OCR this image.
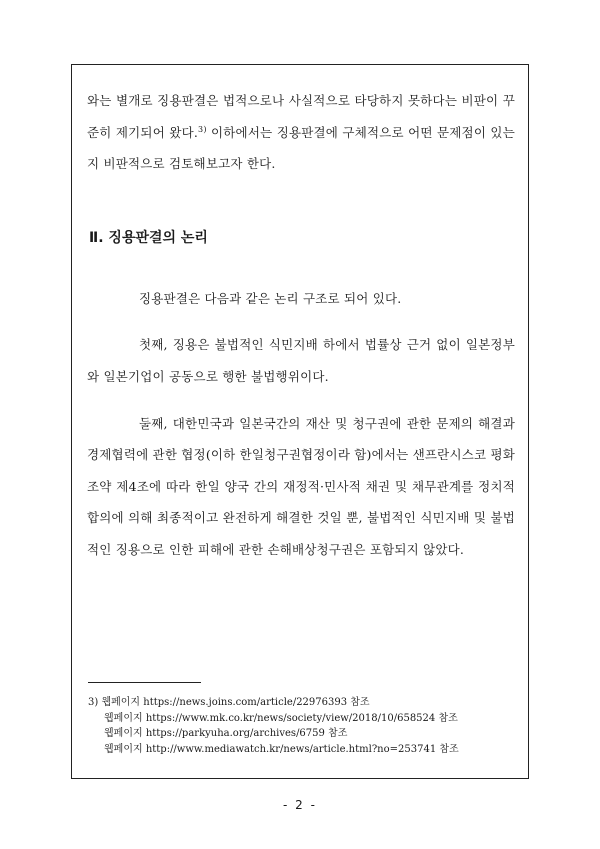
와는 별개로 징용판결은 법적으로나 사실적으로 타당하지 못하다는 비판이 꾸준히 제기되어 왔다.$^{3)}$ 이하에서는 징용판결에 구체적으로 어떤 문제점이 있는지 비판적으로 검토해보고자 한다.

Ⅱ. 징용판결의 논리

징용판결은 다음과 같은 논리 구조로 되어 있다.

첫째, 징용은 불법적인 식민지배 하에서 법률상 근거 없이 일본정부와 일본기업이 공동으로 행한 불법행위이다.

둘째, 대한민국과 일본국간의 재산 및 청구권에 관한 문제의 해결과 경제협력에 관한 협정(이하 한일청구권협정이라 함)에서는 샌프란시스코 평화조약 제4조에 따라 한일 양국 간의 재정적·민사적 채권 및 채무관계를 정치적 합의에 의해 최종적이고 완전하게 해결한 것일 뿐, 불법적인 식민지배 및 불법적인 징용으로 인한 피해에 관한 손해배상청구권은 포함되지 않았다.

3) 웹페이지 https://news.joins.com/article/22976393 참조

웹페이지 https://www.mk.co.kr/news/society/view/2018/10/658524 참조

웹페이지 https://parkyuha.org/archives/6759 참조

웹페이지 http://www.mediawatch.kr/news/article.html?no=253741 참조

- 2 -
